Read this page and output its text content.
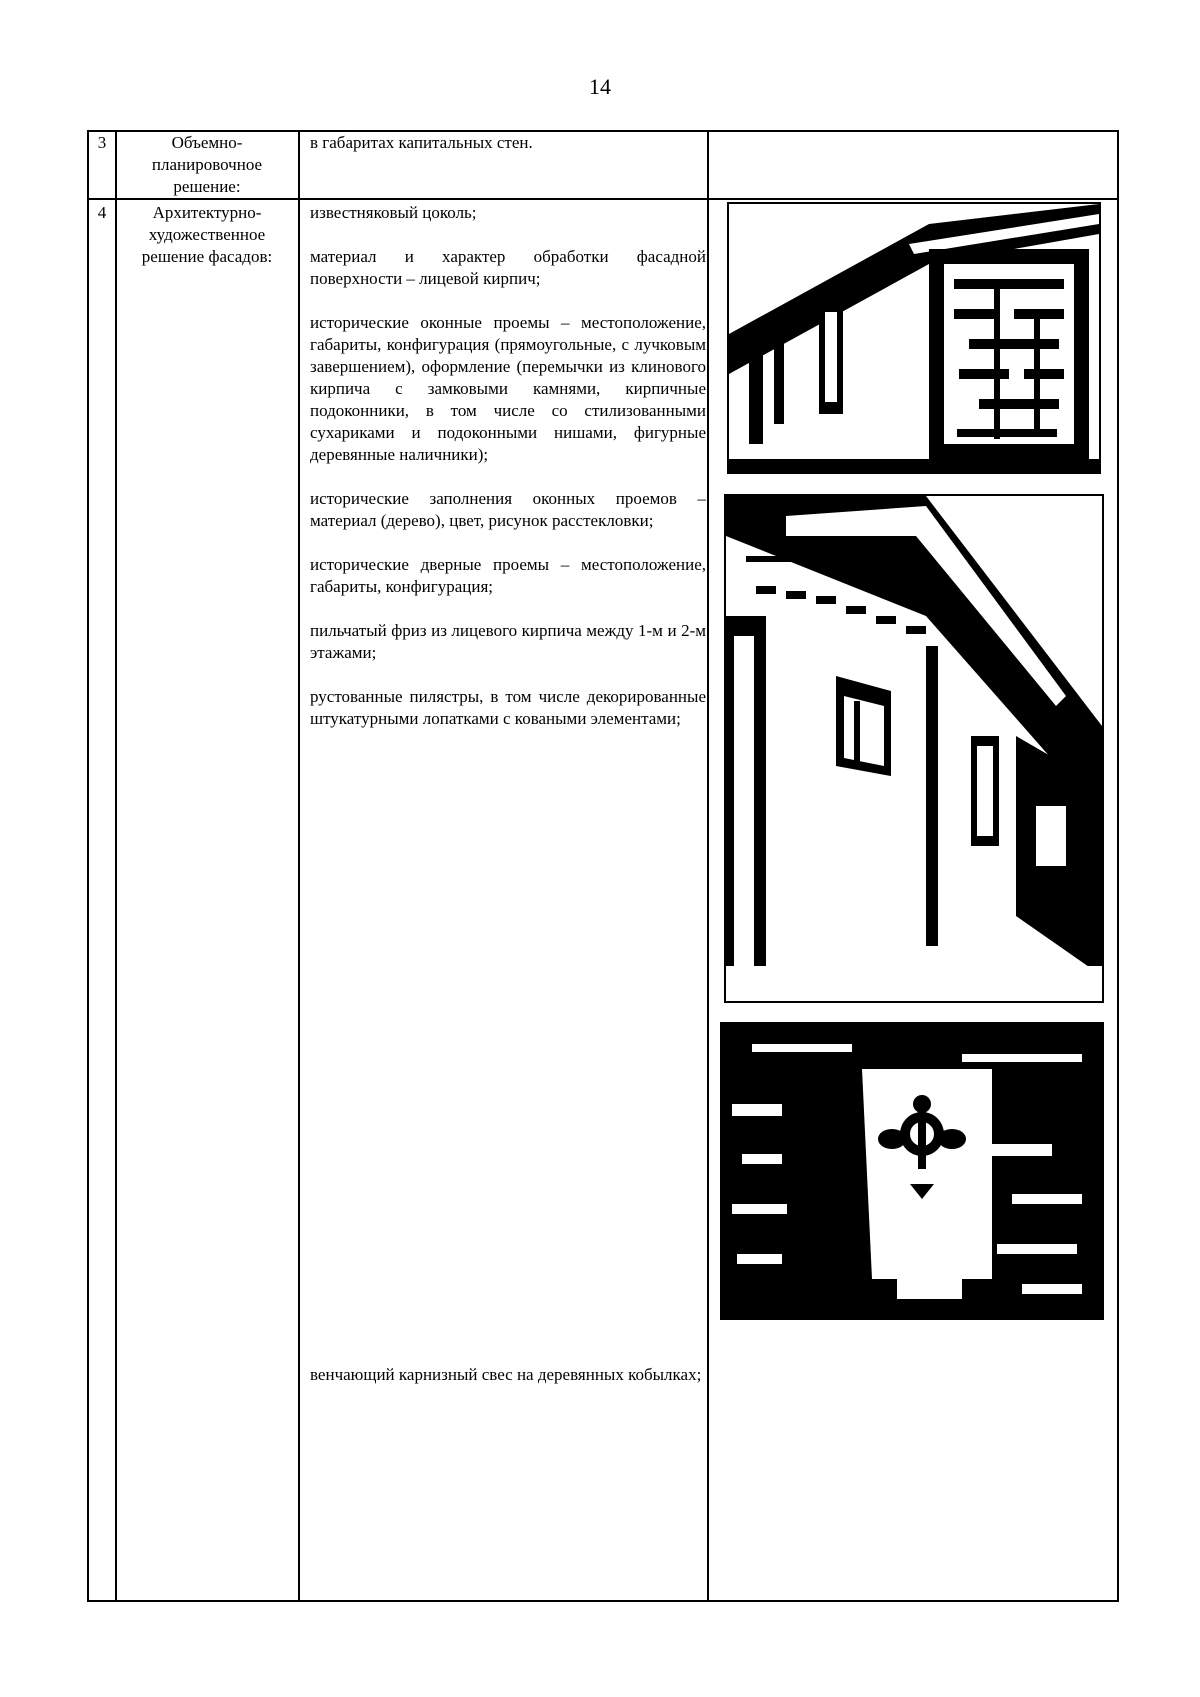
14
3	Объемно-планировочное решение:

в габаритах капитальных стен.

4	Архитектурно-художественное решение фасадов:

известняковый цоколь;

материал и характер обработки фасадной поверхности – лицевой кирпич;

исторические оконные проемы – местоположение, габариты, конфигурация (прямоугольные, с лучковым завершением), оформление (перемычки из клинового кирпича с замковыми камнями, кирпичные подоконники, в том числе со стилизованными сухариками и подоконными нишами, фигурные деревянные наличники);

исторические заполнения оконных проемов – материал (дерево), цвет, рисунок расстекловки;

исторические дверные проемы – местоположение, габариты, конфигурация;

пильчатый фриз из лицевого кирпича между 1-м и 2-м этажами;

рустованные пилястры, в том числе декорированные штукатурными лопатками с коваными элементами;

венчающий карнизный свес на деревянных кобылках;
